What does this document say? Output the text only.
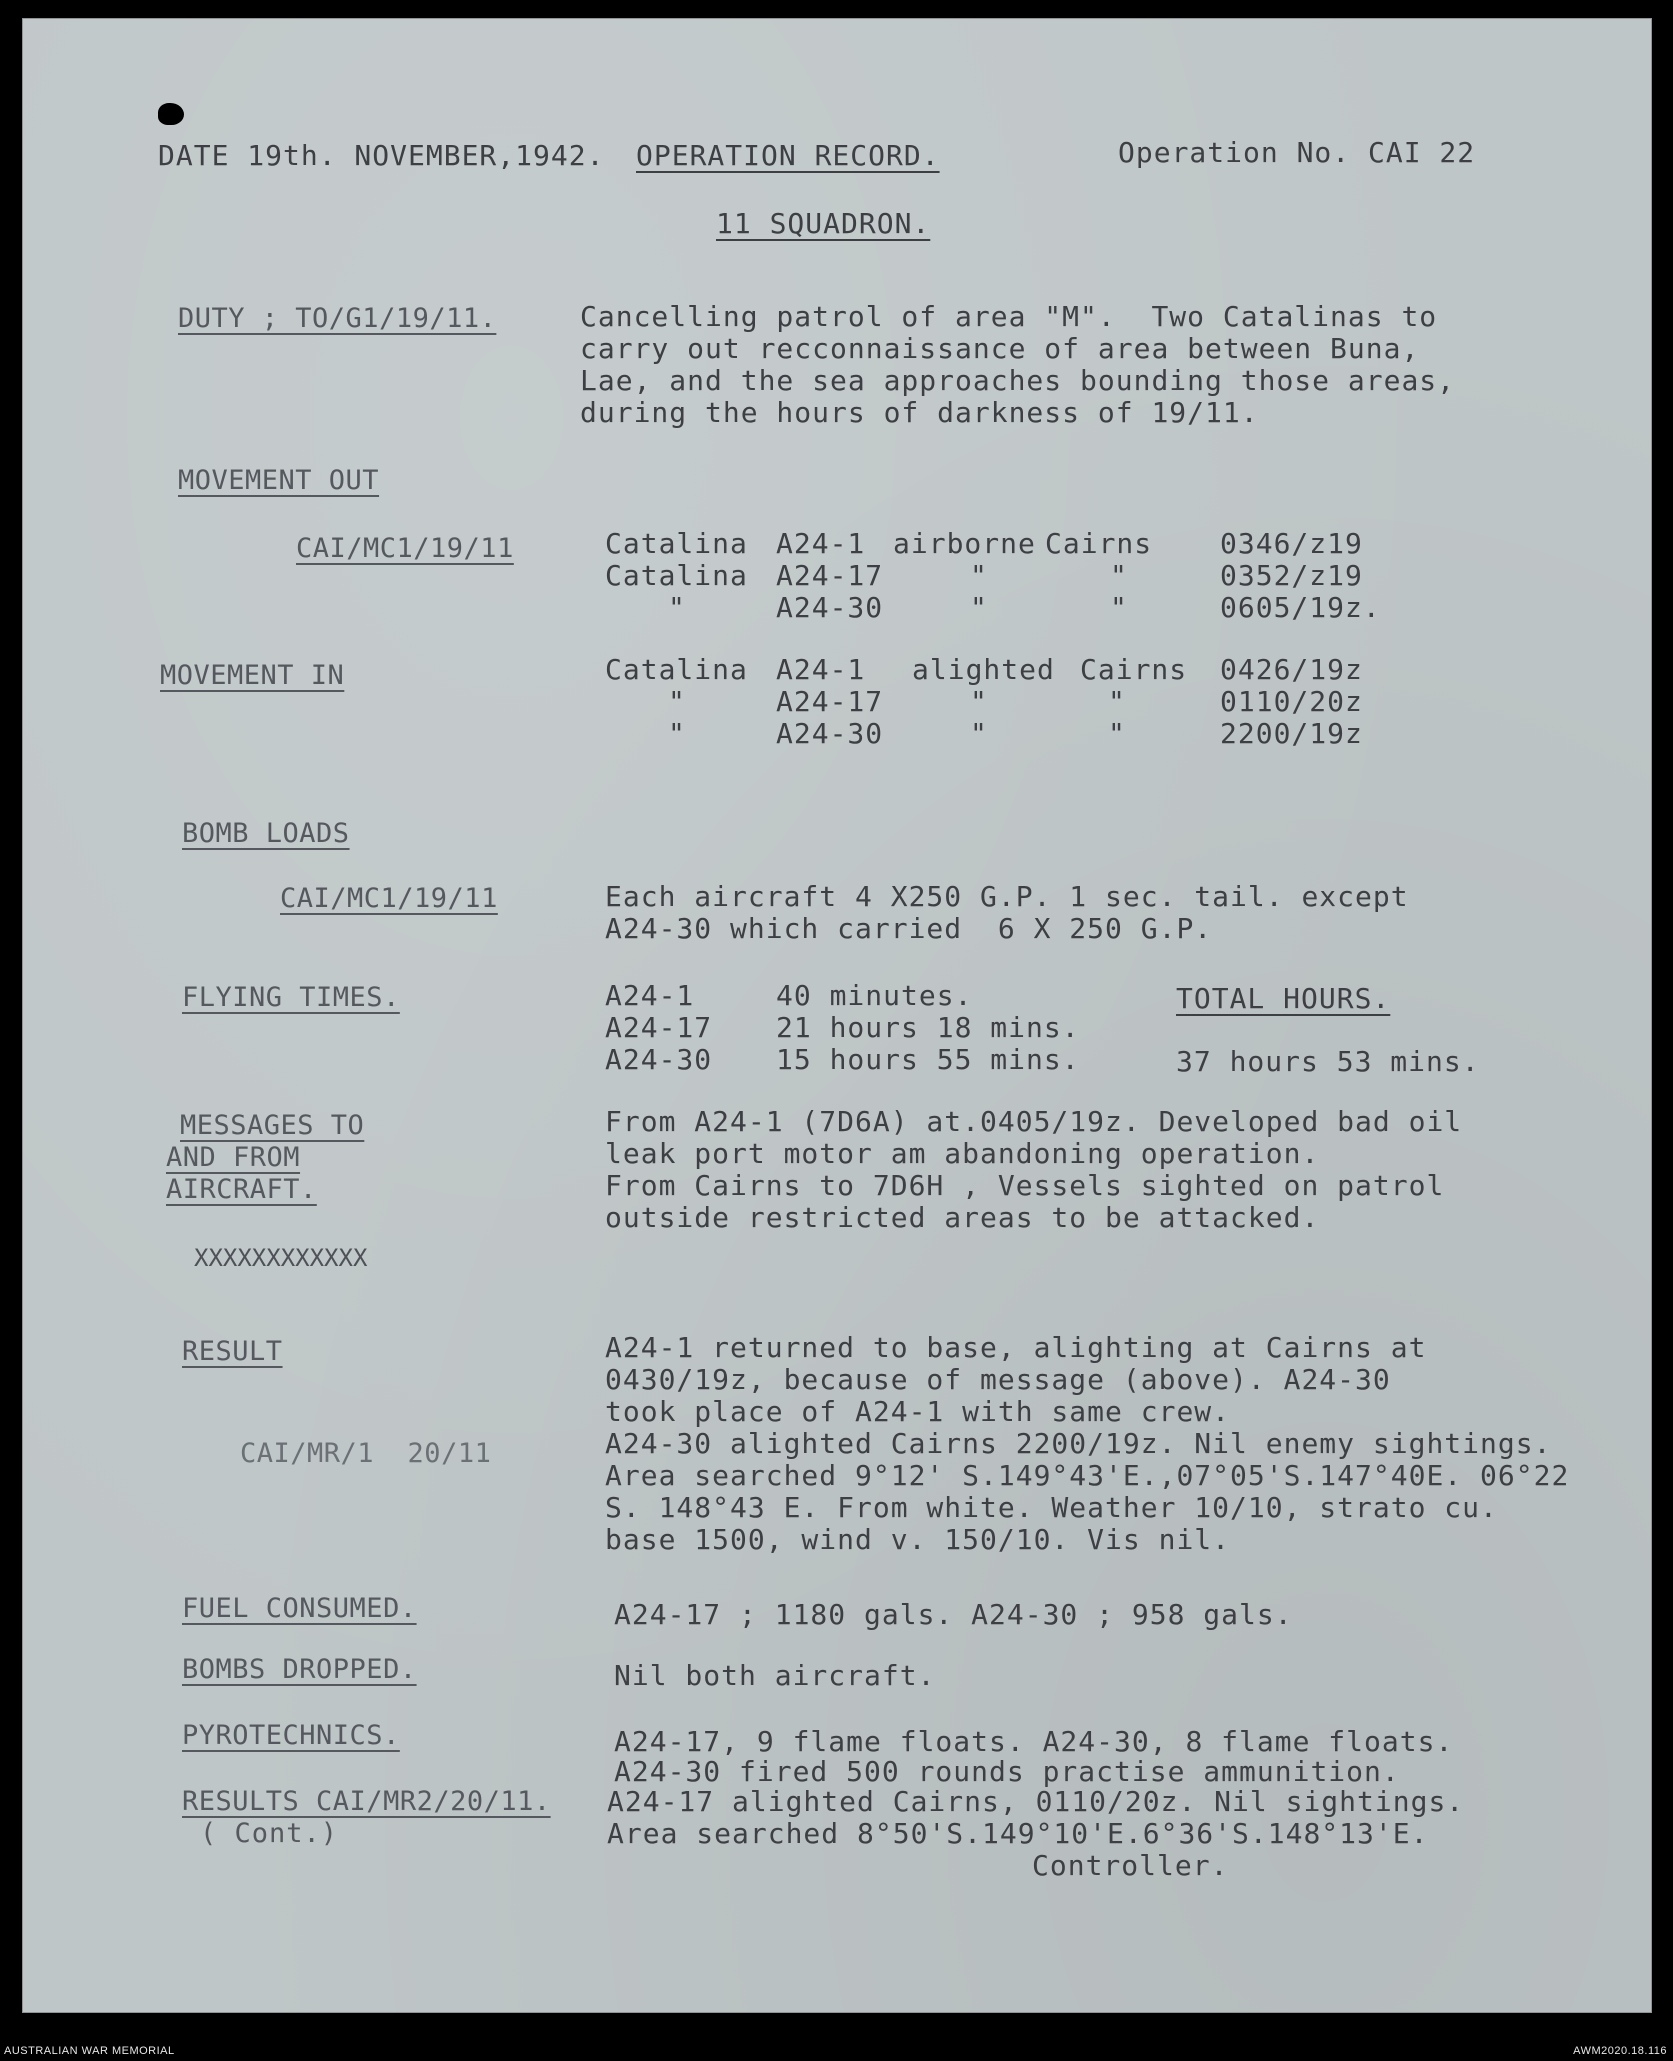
DATE 19th. NOVEMBER,1942. OPERATION RECORD.	Operation No. CAI 22
11 SQUADRON.
DUTY ; TO/G1/19/11.	Cancelling patrol of area "M".  Two Catalinas to
carry out recconnaissance of area between Buna,
Lae, and the sea approaches bounding those areas,
during the hours of darkness of 19/11.
MOVEMENT OUT
CAI/MC1/19/11	Catalina A24-1 airborne Cairns 0346/z19
Catalina A24-17	"	"	0352/z19
"	A24-30	"	"	0605/19z.
MOVEMENT IN	Catalina A24-1 alighted Cairns 0426/19z
"	A24-17	"	"	0110/20z
"	A24-30	"	"	2200/19z
BOMB LOADS
CAI/MC1/19/11	Each aircraft 4 X250 G.P. 1 sec. tail. except
A24-30 which carried  6 X 250 G.P.
FLYING TIMES.	A24-1	40 minutes.
A24-17 21 hours 18 mins.
A24-30 15 hours 55 mins.
TOTAL HOURS.
37 hours 53 mins.
MESSAGES TO
AND FROM
AIRCRAFT.
From A24-1 (7D6A) at.0405/19z. Developed bad oil
leak port motor am abandoning operation.
From Cairns to 7D6H , Vessels sighted on patrol
outside restricted areas to be attacked.
XXXXXXXXXXXX
RESULT
CAI/MR/1  20/11
A24-1 returned to base, alighting at Cairns at
0430/19z, because of message (above). A24-30
took place of A24-1 with same crew.
A24-30 alighted Cairns 2200/19z. Nil enemy sightings.
Area searched 9°12' S.149°43'E.,07°05'S.147°40E. 06°22
S. 148°43 E. From white. Weather 10/10, strato cu.
base 1500, wind v. 150/10. Vis nil.
FUEL CONSUMED.	A24-17 ; 1180 gals. A24-30 ; 958 gals.
BOMBS DROPPED.	Nil both aircraft.
PYROTECHNICS.	A24-17, 9 flame floats. A24-30, 8 flame floats.
A24-30 fired 500 rounds practise ammunition.
RESULTS CAI/MR2/20/11.
( Cont.)
A24-17 alighted Cairns, 0110/20z. Nil sightings.
Area searched 8°50'S.149°10'E.6°36'S.148°13'E.
Controller.
AUSTRALIAN WAR MEMORIAL	AWM2020.18.116
